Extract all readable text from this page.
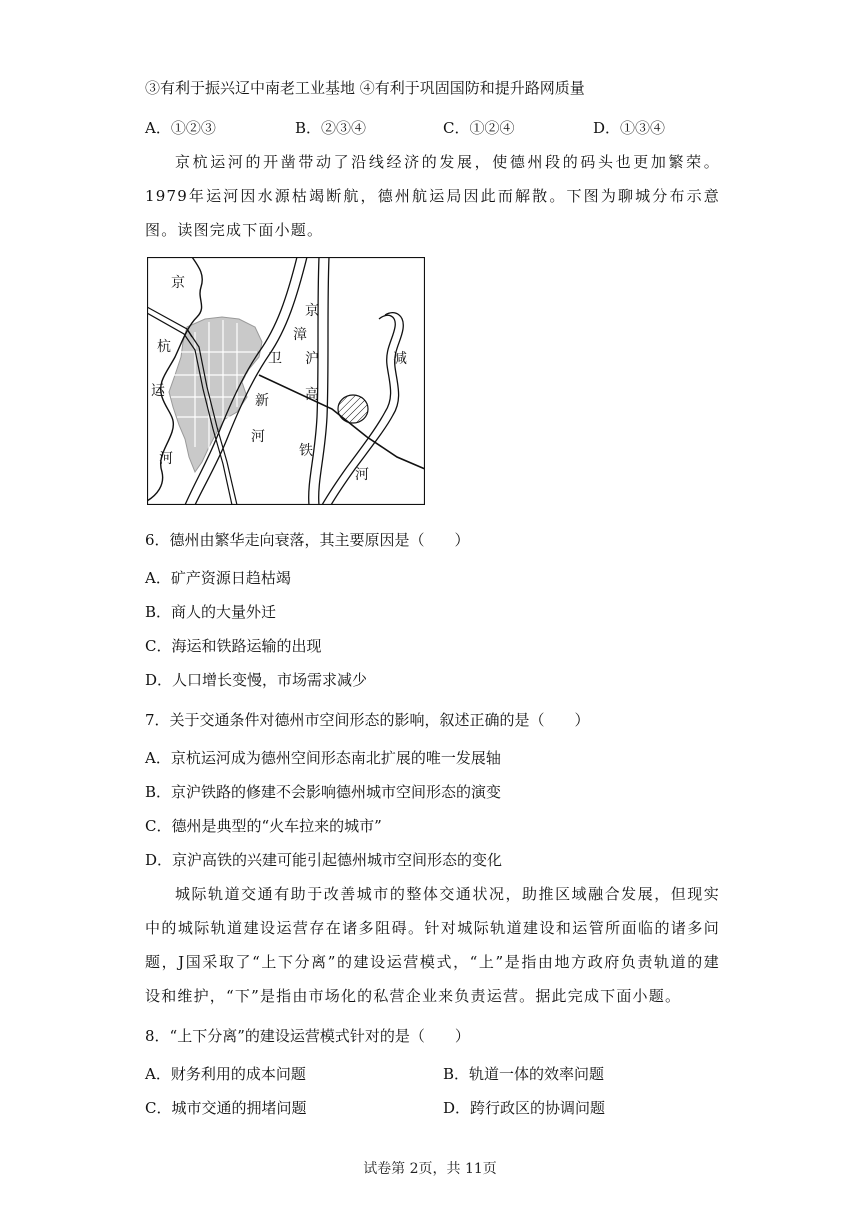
③有利于振兴辽中南老工业基地 ④有利于巩固国防和提升路网质量
A．①②③	B．②③④	C．①②④	D．①③④
京杭运河的开凿带动了沿线经济的发展，使德州段的码头也更加繁荣。1979年运河因水源枯竭断航，德州航运局因此而解散。下图为聊城分布示意图。读图完成下面小题。
京
杭
运
河
卫
新
河
京
漳
沪
高
铁
减
河
6．德州由繁华走向衰落，其主要原因是（　　）
A．矿产资源日趋枯竭
B．商人的大量外迁
C．海运和铁路运输的出现
D．人口增长变慢，市场需求减少
7．关于交通条件对德州市空间形态的影响，叙述正确的是（　　）
A．京杭运河成为德州空间形态南北扩展的唯一发展轴
B．京沪铁路的修建不会影响德州城市空间形态的演变
C．德州是典型的“火车拉来的城市”
D．京沪高铁的兴建可能引起德州城市空间形态的变化
城际轨道交通有助于改善城市的整体交通状况，助推区域融合发展，但现实中的城际轨道建设运营存在诸多阻碍。针对城际轨道建设和运管所面临的诸多问题，J国采取了“上下分离”的建设运营模式，“上”是指由地方政府负责轨道的建设和维护，“下”是指由市场化的私营企业来负责运营。据此完成下面小题。
8．“上下分离”的建设运营模式针对的是（　　）
A．财务利用的成本问题	B．轨道一体的效率问题
C．城市交通的拥堵问题	D．跨行政区的协调问题
试卷第 2页，共 11页
